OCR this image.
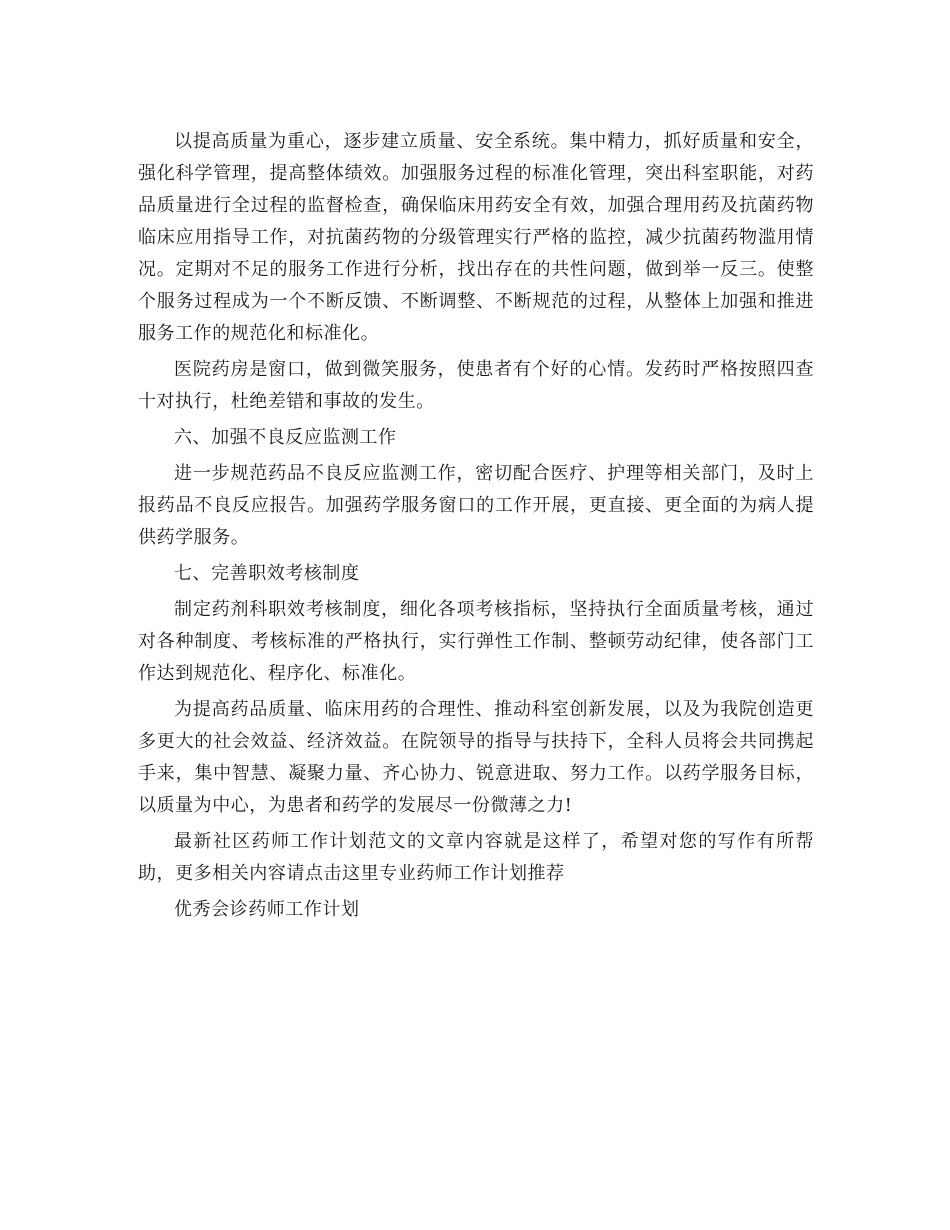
以提高质量为重心，逐步建立质量、安全系统。集中精力，抓好质量和安全，强化科学管理，提高整体绩效。加强服务过程的标准化管理，突出科室职能，对药品质量进行全过程的监督检查，确保临床用药安全有效，加强合理用药及抗菌药物临床应用指导工作，对抗菌药物的分级管理实行严格的监控，减少抗菌药物滥用情况。定期对不足的服务工作进行分析，找出存在的共性问题，做到举一反三。使整个服务过程成为一个不断反馈、不断调整、不断规范的过程，从整体上加强和推进服务工作的规范化和标准化。

医院药房是窗口，做到微笑服务，使患者有个好的心情。发药时严格按照四查十对执行，杜绝差错和事故的发生。

六、加强不良反应监测工作

进一步规范药品不良反应监测工作，密切配合医疗、护理等相关部门，及时上报药品不良反应报告。加强药学服务窗口的工作开展，更直接、更全面的为病人提供药学服务。

七、完善职效考核制度

制定药剂科职效考核制度，细化各项考核指标，坚持执行全面质量考核，通过对各种制度、考核标准的严格执行，实行弹性工作制、整顿劳动纪律，使各部门工作达到规范化、程序化、标准化。

为提高药品质量、临床用药的合理性、推动科室创新发展，以及为我院创造更多更大的社会效益、经济效益。在院领导的指导与扶持下，全科人员将会共同携起手来，集中智慧、凝聚力量、齐心协力、锐意进取、努力工作。以药学服务目标，以质量为中心，为患者和药学的发展尽一份微薄之力!

最新社区药师工作计划范文的文章内容就是这样了，希望对您的写作有所帮助，更多相关内容请点击这里专业药师工作计划推荐

优秀会诊药师工作计划
